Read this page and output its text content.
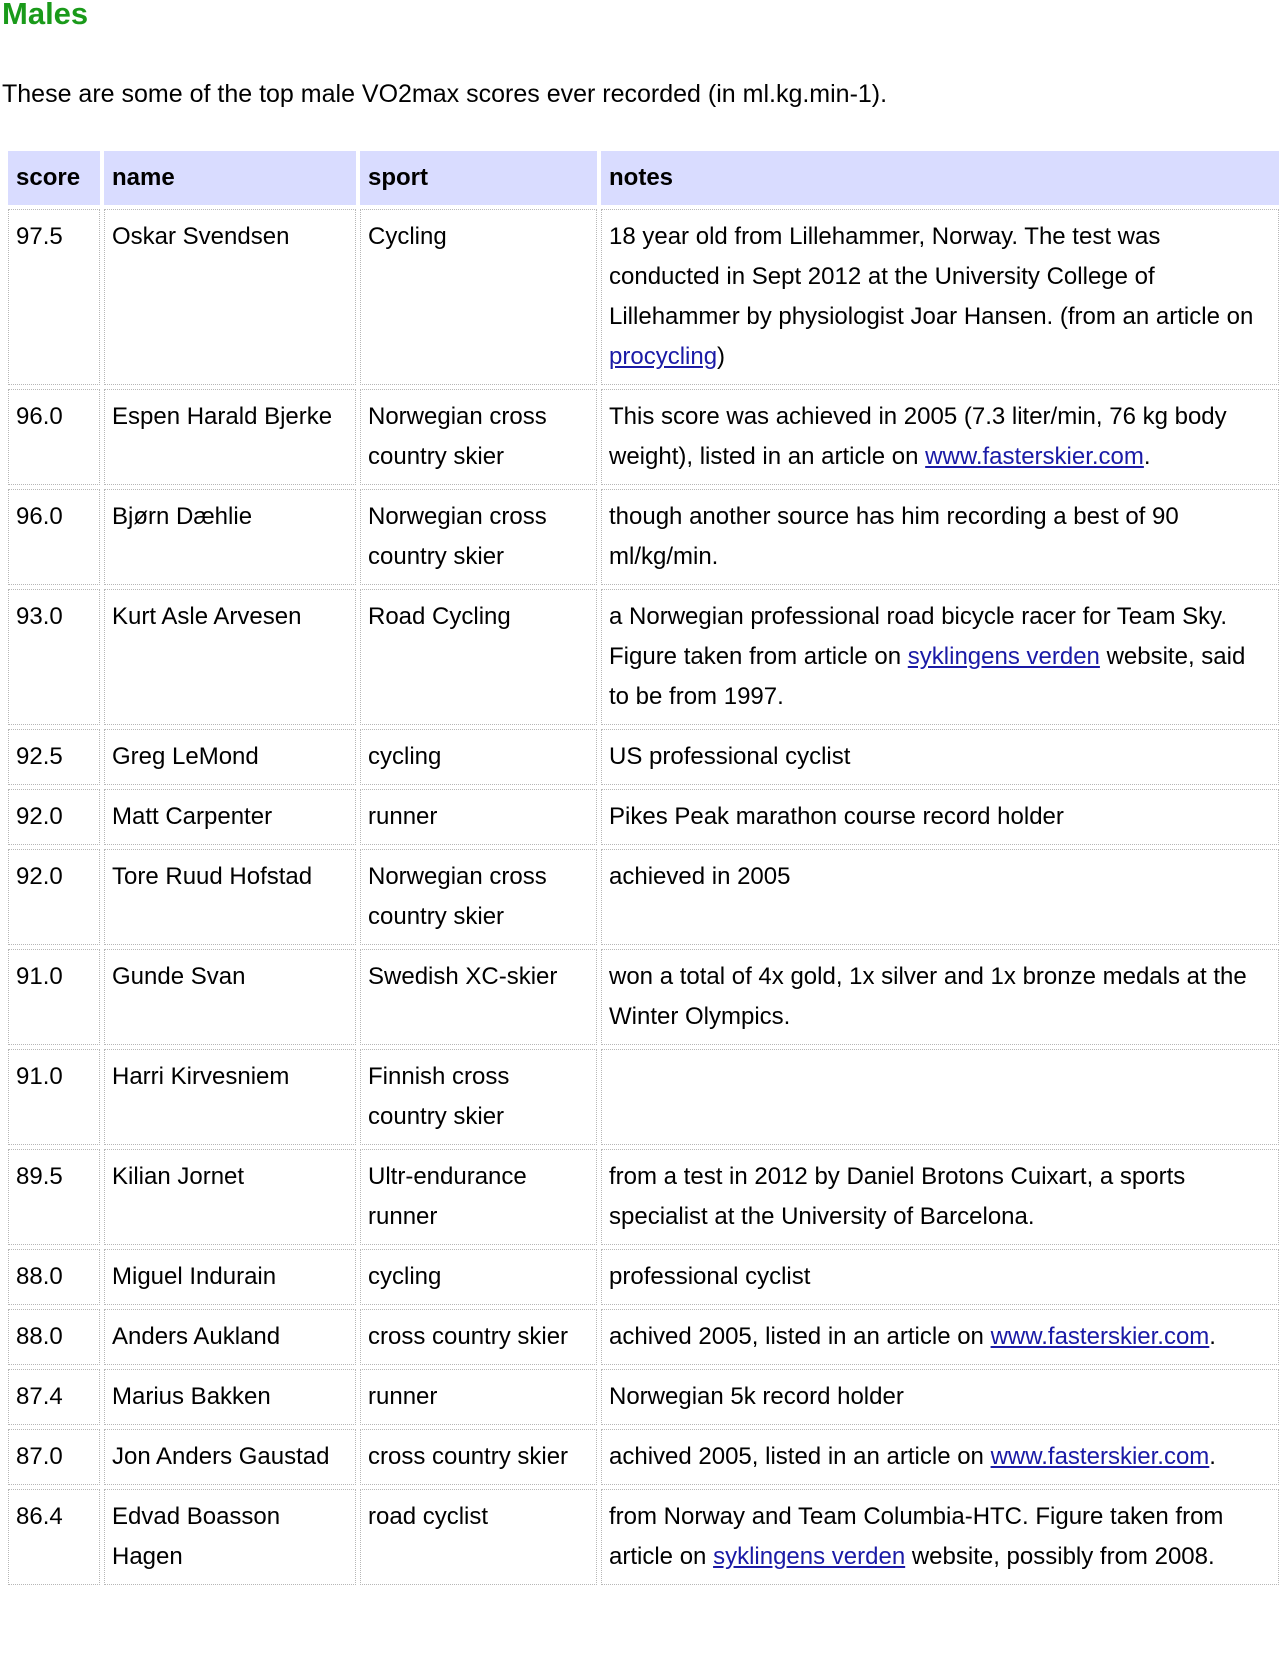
Males

These are some of the top male VO2max scores ever recorded (in ml.kg.min-1).

score	name	sport	notes
97.5	Oskar Svendsen	Cycling	18 year old from Lillehammer, Norway. The test was conducted in Sept 2012 at the University College of Lillehammer by physiologist Joar Hansen. (from an article on procycling)
96.0	Espen Harald Bjerke	Norwegian cross country skier	This score was achieved in 2005 (7.3 liter/min, 76 kg body weight), listed in an article on www.fasterskier.com.
96.0	Bjørn Dæhlie	Norwegian cross country skier	though another source has him recording a best of 90 ml/kg/min.
93.0	Kurt Asle Arvesen	Road Cycling	a Norwegian professional road bicycle racer for Team Sky. Figure taken from article on syklingens verden website, said to be from 1997.
92.5	Greg LeMond	cycling	US professional cyclist
92.0	Matt Carpenter	runner	Pikes Peak marathon course record holder
92.0	Tore Ruud Hofstad	Norwegian cross country skier	achieved in 2005
91.0	Gunde Svan	Swedish XC-skier	won a total of 4x gold, 1x silver and 1x bronze medals at the Winter Olympics.
91.0	Harri Kirvesniem	Finnish cross country skier	
89.5	Kilian Jornet	Ultr-endurance runner	from a test in 2012 by Daniel Brotons Cuixart, a sports specialist at the University of Barcelona.
88.0	Miguel Indurain	cycling	professional cyclist
88.0	Anders Aukland	cross country skier	achived 2005, listed in an article on www.fasterskier.com.
87.4	Marius Bakken	runner	Norwegian 5k record holder
87.0	Jon Anders Gaustad	cross country skier	achived 2005, listed in an article on www.fasterskier.com.
86.4	Edvad Boasson Hagen	road cyclist	from Norway and Team Columbia-HTC. Figure taken from article on syklingens verden website, possibly from 2008.
